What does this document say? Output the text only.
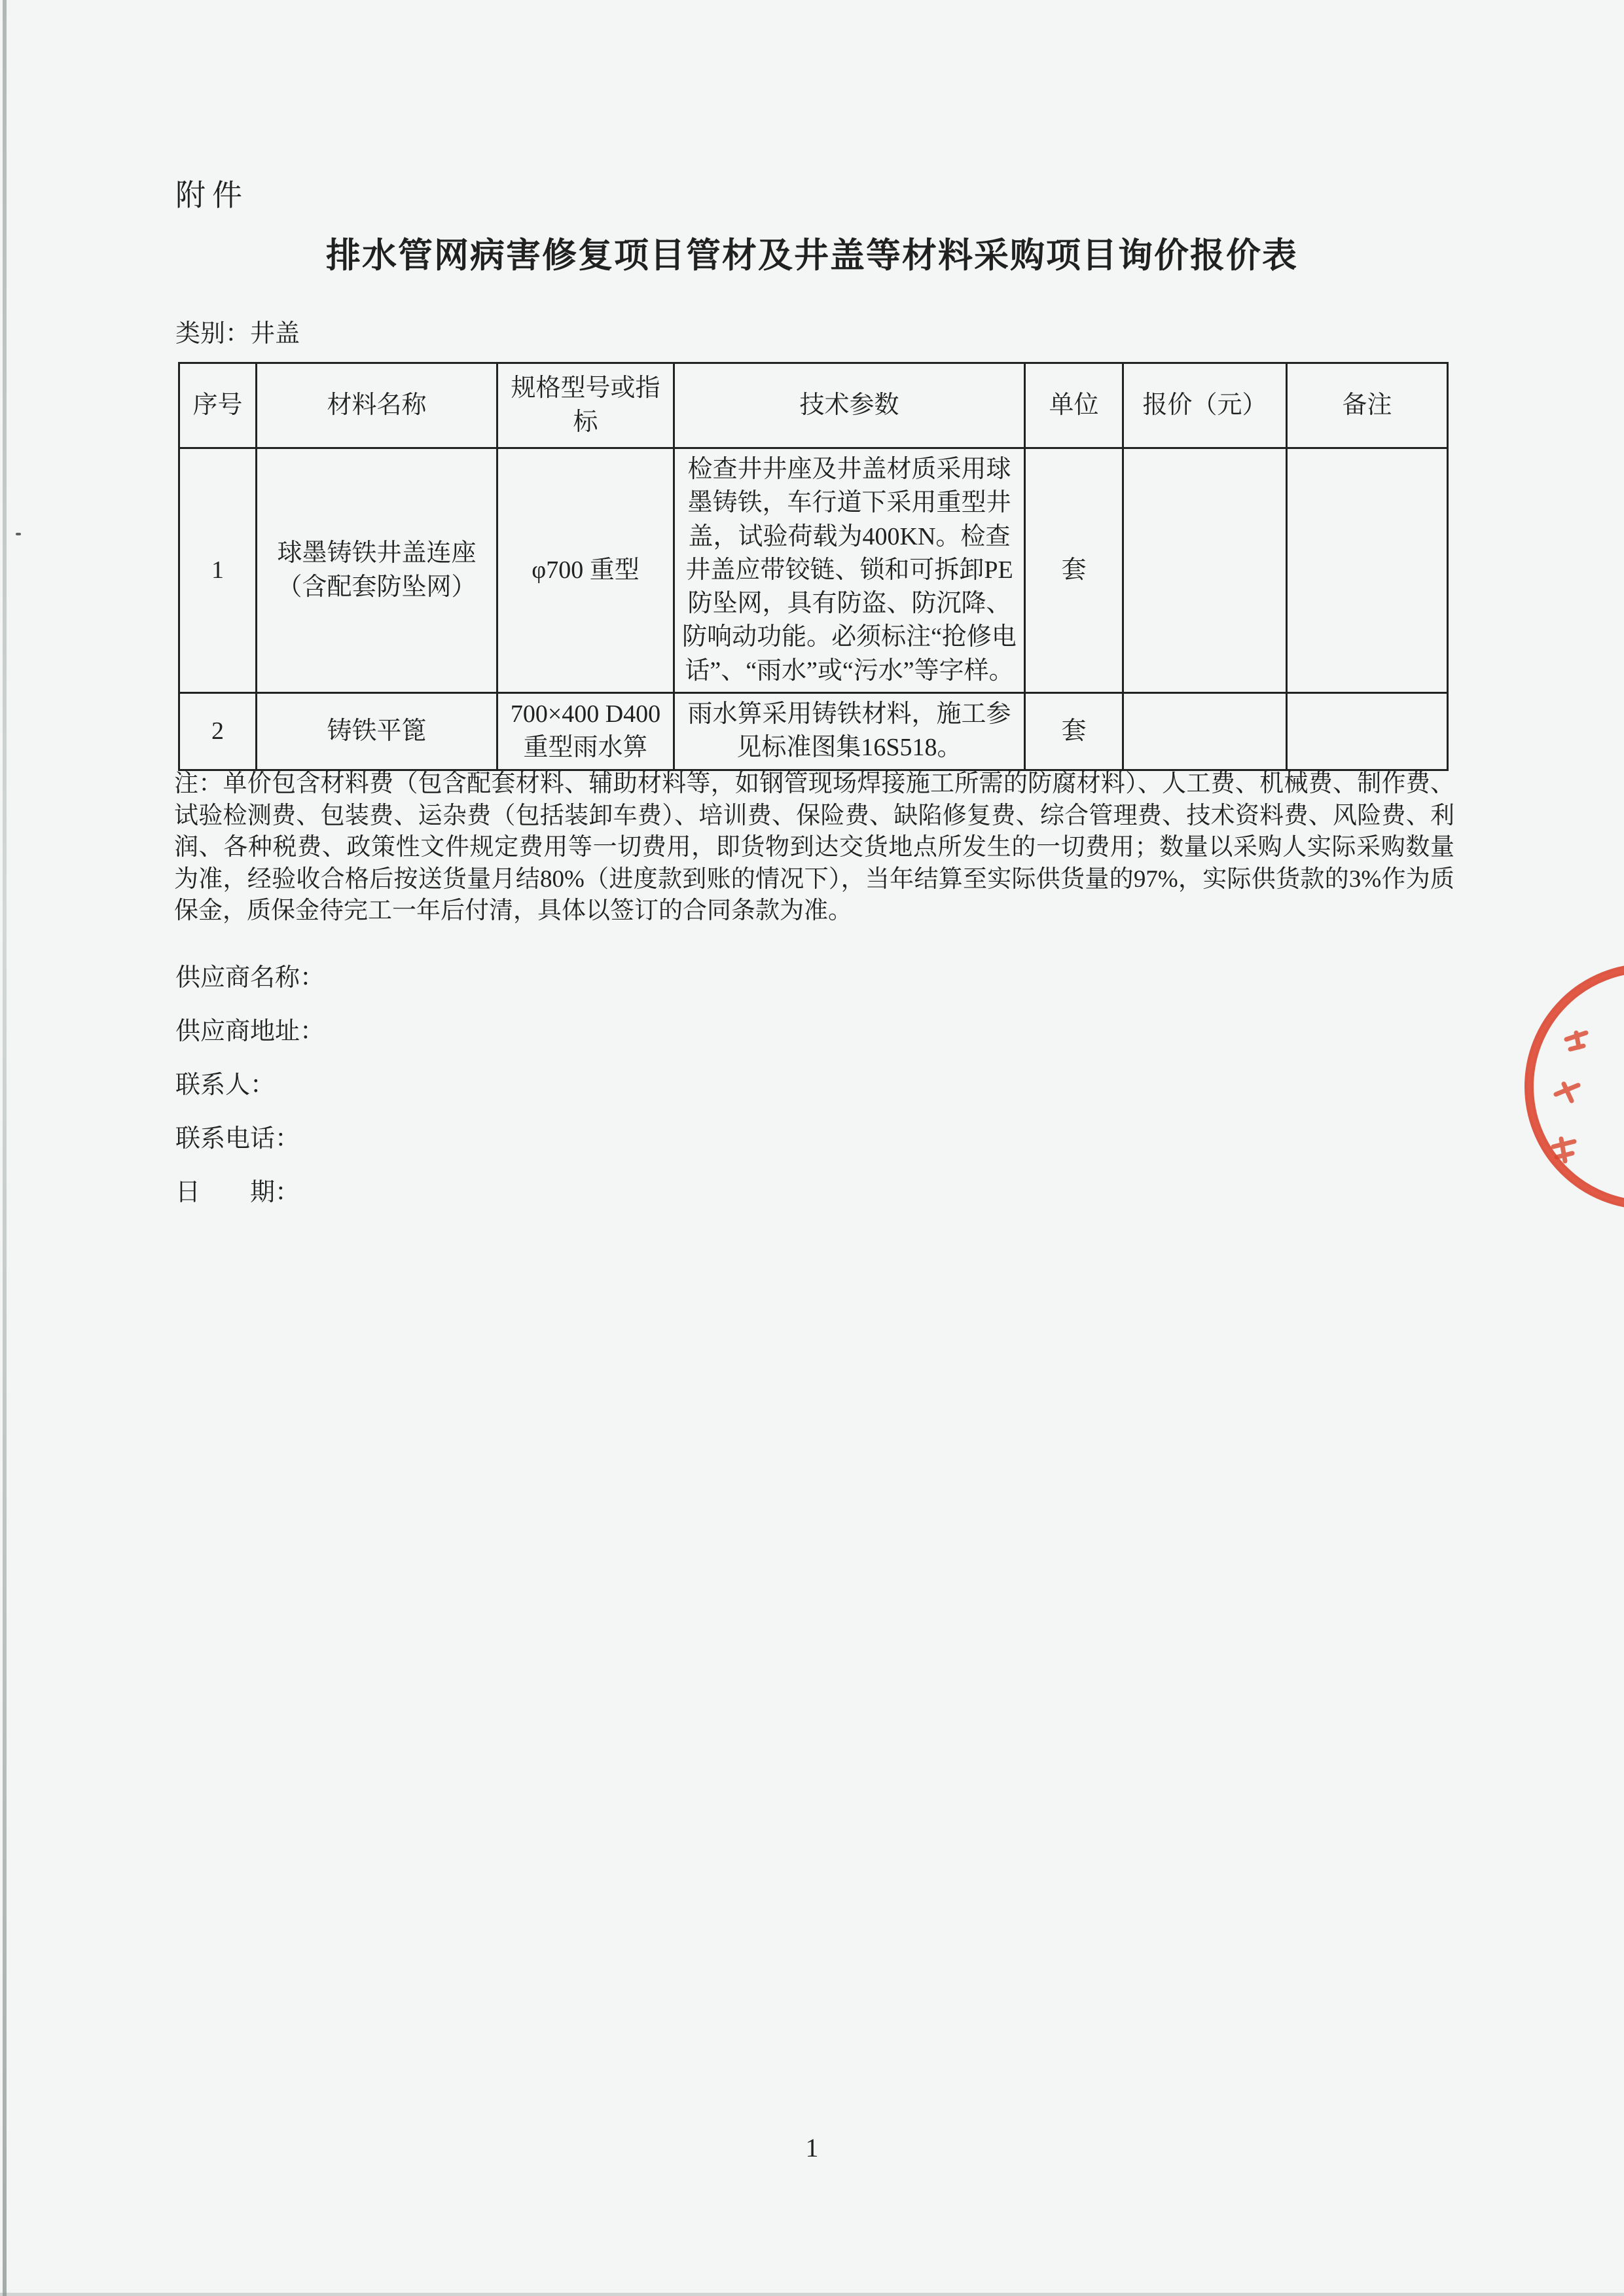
附件
排水管网病害修复项目管材及井盖等材料采购项目询价报价表
类别：井盖
序号	材料名称	规格型号或指标	技术参数	单位	报价（元）	备注
1	球墨铸铁井盖连座（含配套防坠网）	φ700 重型	检查井井座及井盖材质采用球墨铸铁，车行道下采用重型井盖，试验荷载为400KN。检查井盖应带铰链、锁和可拆卸PE防坠网，具有防盗、防沉降、防响动功能。必须标注“抢修电话”、“雨水”或“污水”等字样。	套		
2	铸铁平篦	700×400 D400 重型雨水箅	雨水箅采用铸铁材料，施工参见标准图集16S518。	套		
注：单价包含材料费（包含配套材料、辅助材料等，如钢管现场焊接施工所需的防腐材料）、人工费、机械费、制作费、试验检测费、包装费、运杂费（包括装卸车费）、培训费、保险费、缺陷修复费、综合管理费、技术资料费、风险费、利润、各种税费、政策性文件规定费用等一切费用，即货物到达交货地点所发生的一切费用；数量以采购人实际采购数量为准，经验收合格后按送货量月结80%（进度款到账的情况下），当年结算至实际供货量的97%，实际供货款的3%作为质保金，质保金待完工一年后付清，具体以签订的合同条款为准。
供应商名称：
供应商地址：
联系人：
联系电话：
日　　期：
1
